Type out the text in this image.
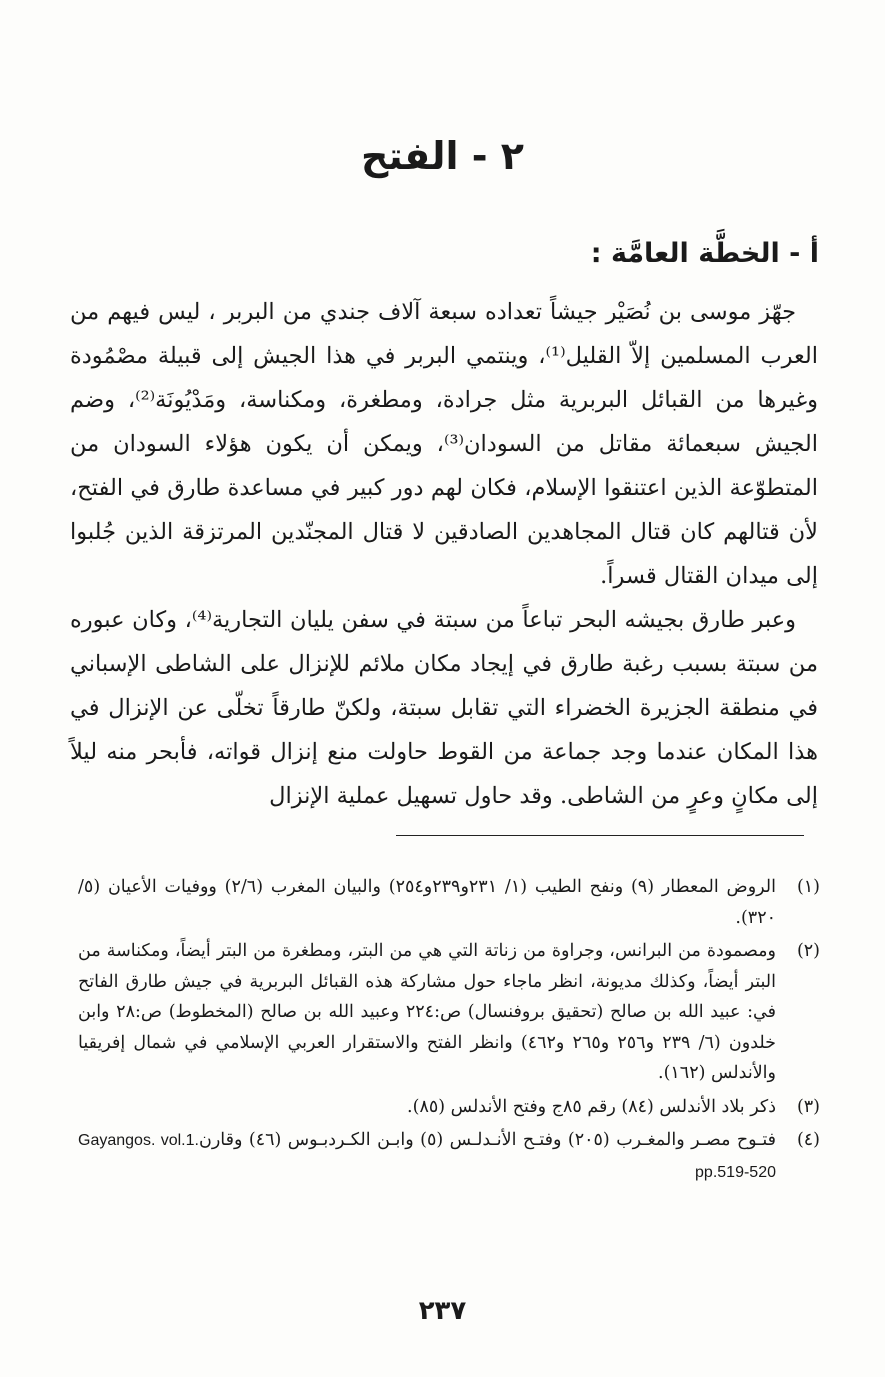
٢ - الفتح
أ - الخطَّة العامَّة :

جهّز موسى بن نُصَيْر جيشاً تعداده سبعة آلاف جندي من البربر ، ليس فيهم من العرب المسلمين إلاّ القليل⁽¹⁾، وينتمي البربر في هذا الجيش إلى قبيلة مصْمُودة وغيرها من القبائل البربرية مثل جرادة، ومطغرة، ومكناسة، ومَدْيُونَة⁽²⁾، وضم الجيش سبعمائة مقاتل من السودان⁽³⁾، ويمكن أن يكون هؤلاء السودان من المتطوّعة الذين اعتنقوا الإسلام، فكان لهم دور كبير في مساعدة طارق في الفتح، لأن قتالهم كان قتال المجاهدين الصادقين لا قتال المجنّدين المرتزقة الذين جُلبوا إلى ميدان القتال قسراً.

وعبر طارق بجيشه البحر تباعاً من سبتة في سفن يليان التجارية⁽⁴⁾، وكان عبوره من سبتة بسبب رغبة طارق في إيجاد مكان ملائم للإنزال على الشاطى الإسباني في منطقة الجزيرة الخضراء التي تقابل سبتة، ولكنّ طارقاً تخلّى عن الإنزال في هذا المكان عندما وجد جماعة من القوط حاولت منع إنزال قواته، فأبحر منه ليلاً إلى مكانٍ وعرٍ من الشاطى. وقد حاول تسهيل عملية الإنزال

(١)
الروض المعطار (٩) ونفح الطيب (١/ ٢٣١و٢٣٩و٢٥٤) والبيان المغرب (٢/٦) ووفيات الأعيان (٥/ ٣٢٠).
(٢)
ومصمودة من البرانس، وجراوة من زناتة التي هي من البتر، ومطغرة من البتر أيضاً، ومكناسة من البتر أيضاً، وكذلك مديونة، انظر ماجاء حول مشاركة هذه القبائل البربرية في جيش طارق الفاتح في: عبيد الله بن صالح (تحقيق بروفنسال) ص:٢٢٤ وعبيد الله بن صالح (المخطوط) ص:٢٨ وابن خلدون (٦/ ٢٣٩ و٢٥٦ و٢٦٥ و٤٦٢) وانظر الفتح والاستقرار العربي الإسلامي في شمال إفريقيا والأندلس (١٦٢).
(٣)
ذكر بلاد الأندلس (٨٤) رقم ٨٥ج وفتح الأندلس (٨٥).
(٤)
فتـوح مصـر والمغـرب (٢٠٥) وفتـح الأنـدلـس (٥) وابـن الكـردبـوس (٤٦) وقارنGayangos. vol.1. pp.519-520
٢٣٧
